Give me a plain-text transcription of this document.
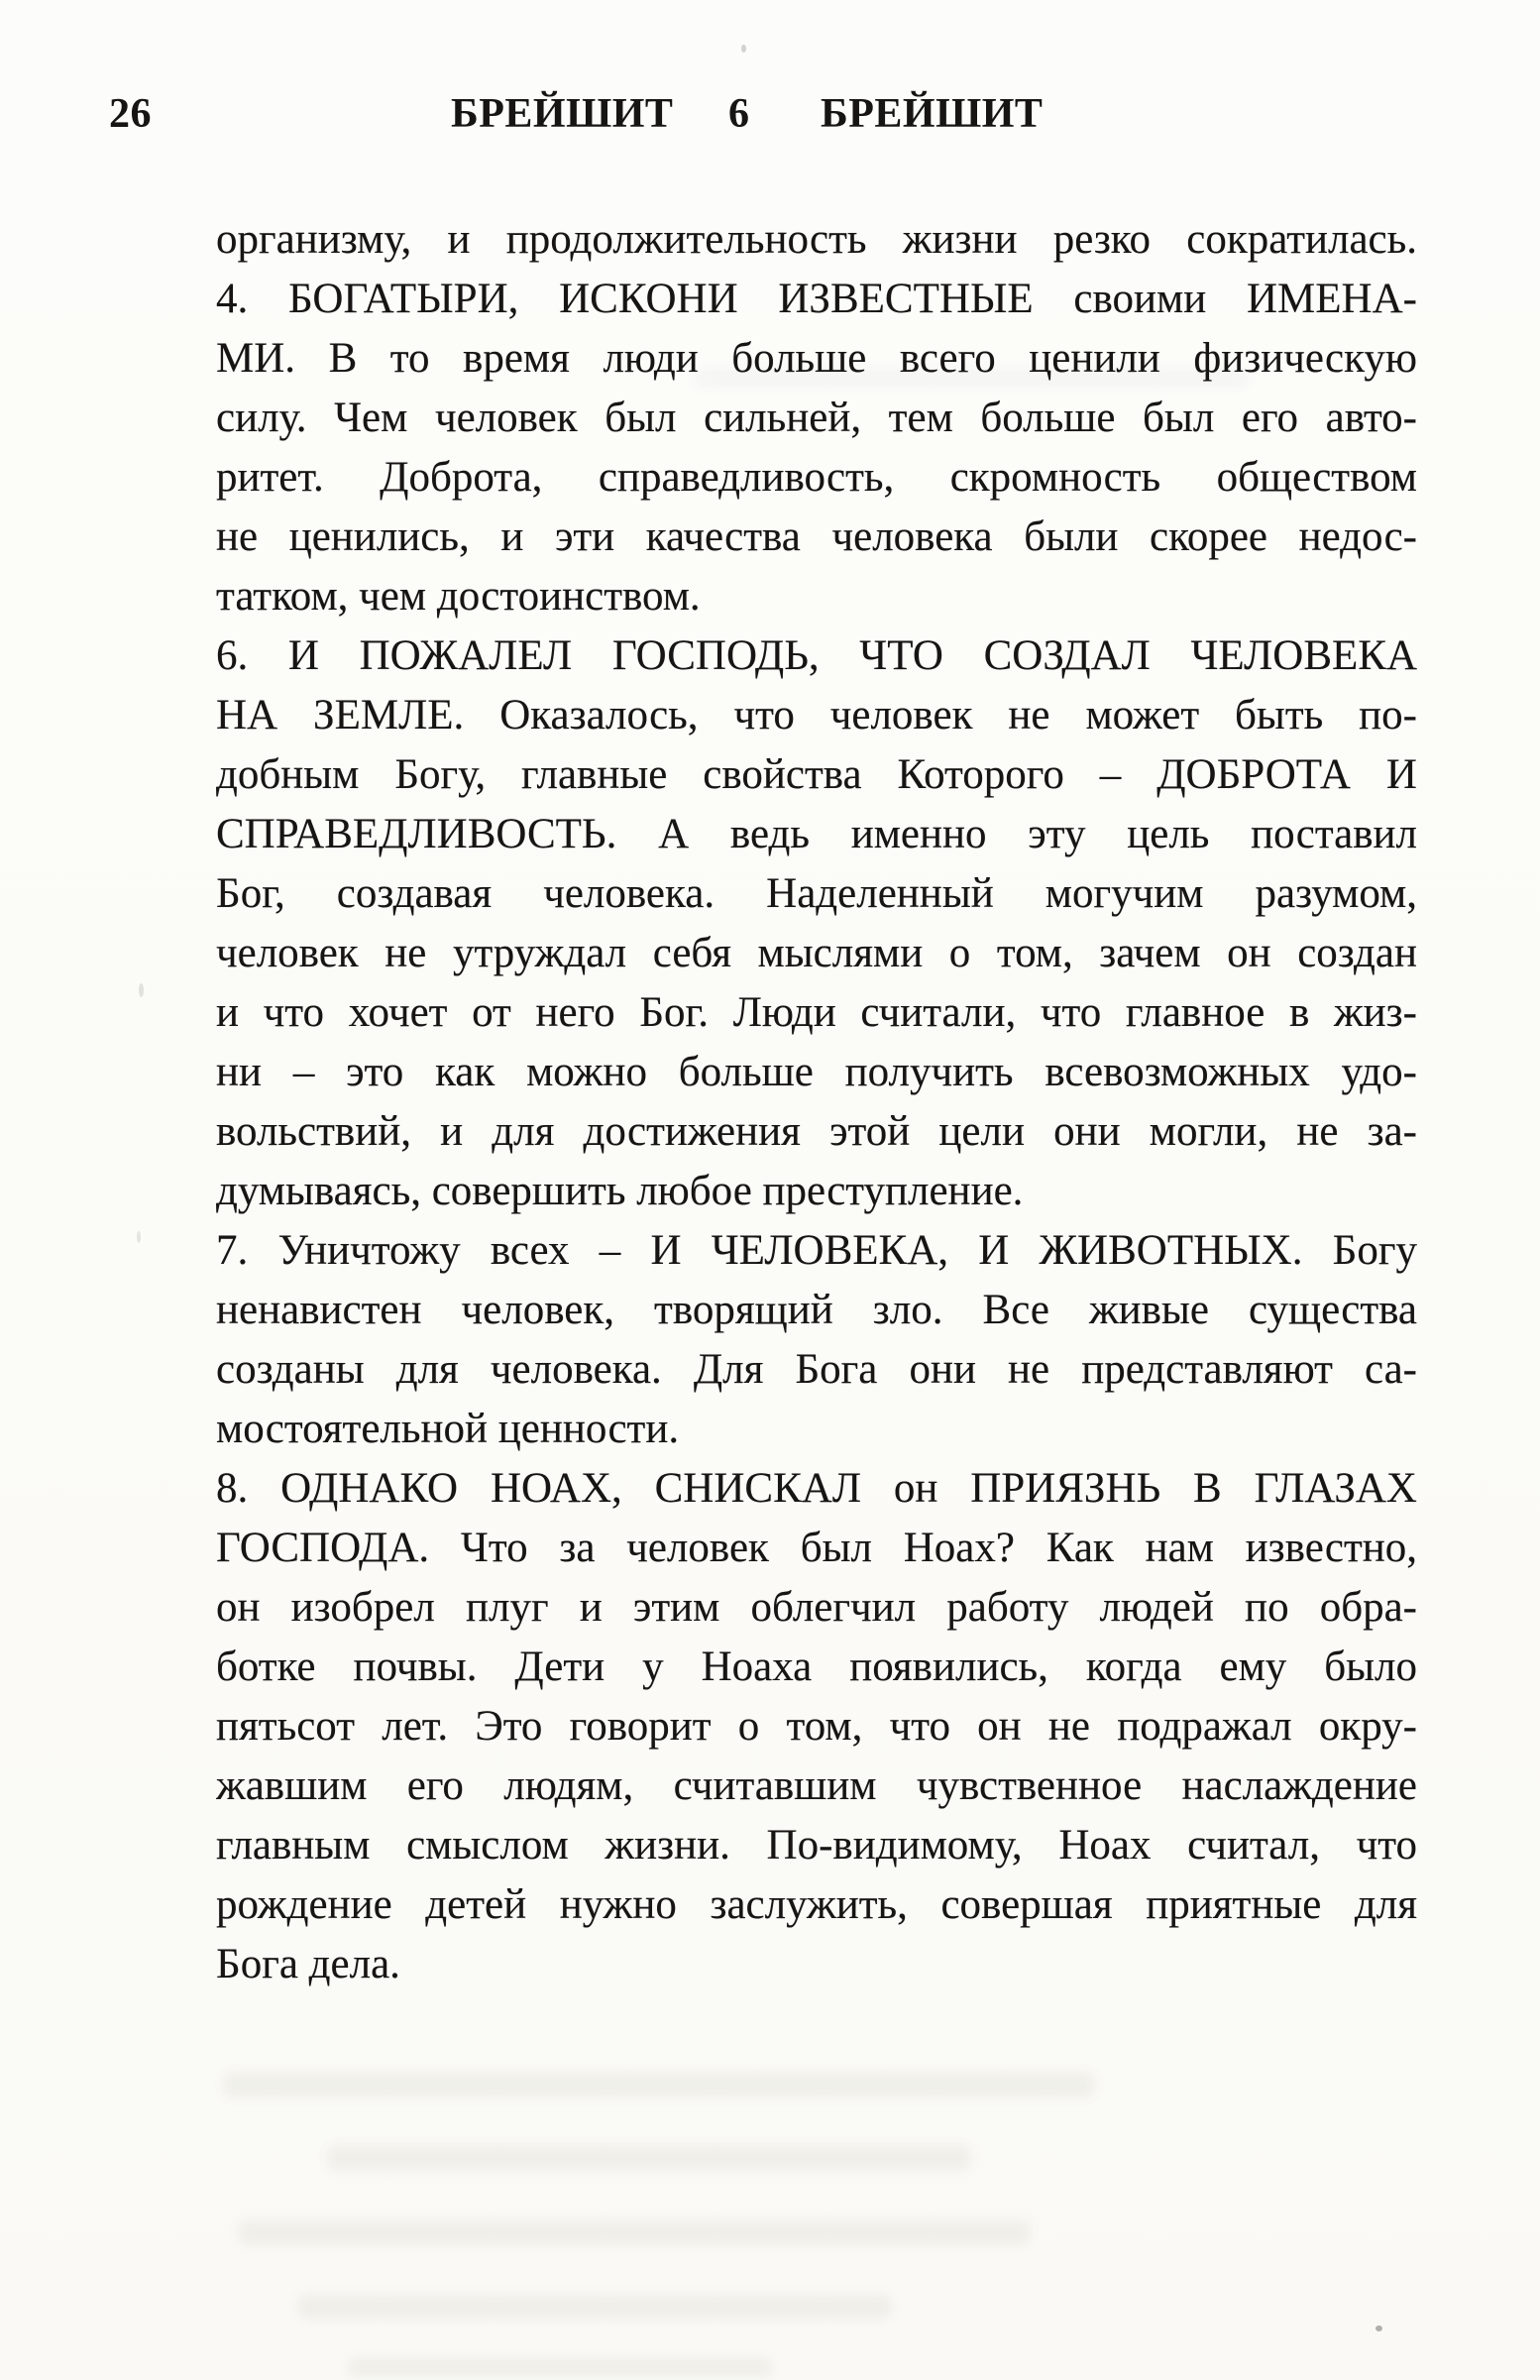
26	БРЕЙШИТ 6 БРЕЙШИТ
организму, и продолжительность жизни резко сократилась.
4. БОГАТЫРИ, ИСКОНИ ИЗВЕСТНЫЕ своими ИМЕНА-
МИ. В то время люди больше всего ценили физическую
силу. Чем человек был сильней, тем больше был его авто-
ритет. Доброта, справедливость, скромность обществом
не ценились, и эти качества человека были скорее недос-
татком, чем достоинством.
6. И ПОЖАЛЕЛ ГОСПОДЬ, ЧТО СОЗДАЛ ЧЕЛОВЕКА
НА ЗЕМЛЕ. Оказалось, что человек не может быть по-
добным Богу, главные свойства Которого – ДОБРОТА И
СПРАВЕДЛИВОСТЬ. А ведь именно эту цель поставил
Бог, создавая человека. Наделенный могучим разумом,
человек не утруждал себя мыслями о том, зачем он создан
и что хочет от него Бог. Люди считали, что главное в жиз-
ни – это как можно больше получить всевозможных удо-
вольствий, и для достижения этой цели они могли, не за-
думываясь, совершить любое преступление.
7. Уничтожу всех – И ЧЕЛОВЕКА, И ЖИВОТНЫХ. Богу
ненавистен человек, творящий зло. Все живые существа
созданы для человека. Для Бога они не представляют са-
мостоятельной ценности.
8. ОДНАКО НОАХ, СНИСКАЛ он ПРИЯЗНЬ В ГЛАЗАХ
ГОСПОДА. Что за человек был Ноах? Как нам известно,
он изобрел плуг и этим облегчил работу людей по обра-
ботке почвы. Дети у Ноаха появились, когда ему было
пятьсот лет. Это говорит о том, что он не подражал окру-
жавшим его людям, считавшим чувственное наслаждение
главным смыслом жизни. По-видимому, Ноах считал, что
рождение детей нужно заслужить, совершая приятные для
Бога дела.
